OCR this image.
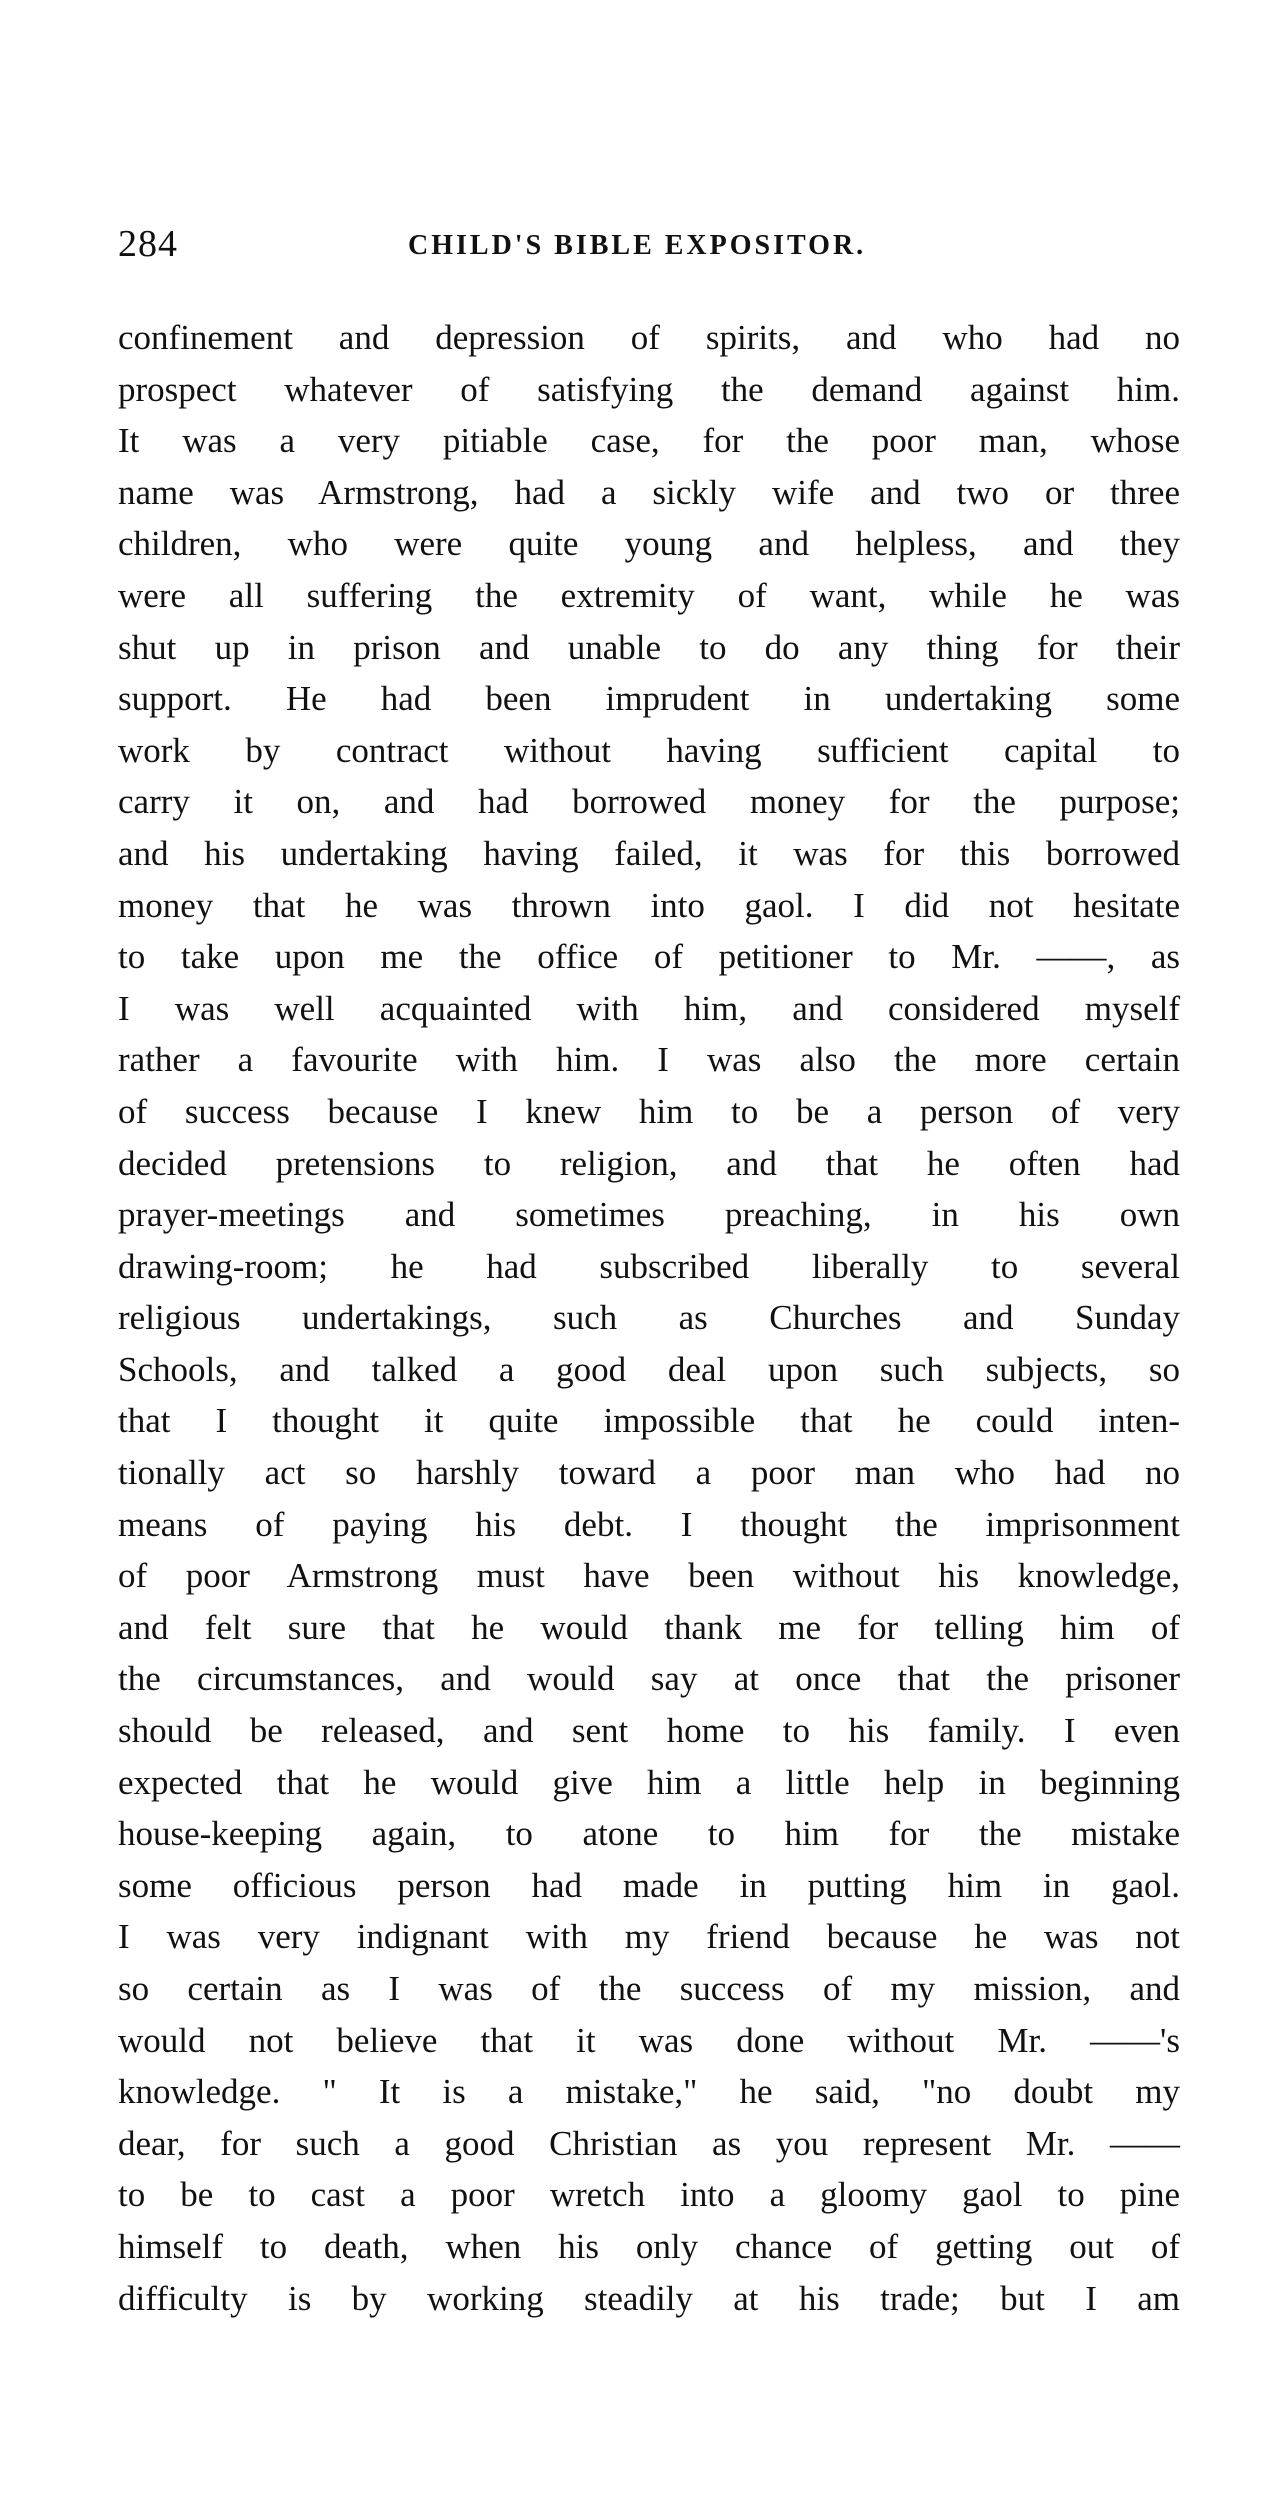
284	CHILD'S BIBLE EXPOSITOR.
confinement and depression of spirits, and who had no
prospect whatever of satisfying the demand against him.
It was a very pitiable case, for the poor man, whose
name was Armstrong, had a sickly wife and two or three
children, who were quite young and helpless, and they
were all suffering the extremity of want, while he was
shut up in prison and unable to do any thing for their
support. He had been imprudent in undertaking some
work by contract without having sufficient capital to
carry it on, and had borrowed money for the purpose;
and his undertaking having failed, it was for this borrowed
money that he was thrown into gaol. I did not hesitate
to take upon me the office of petitioner to Mr. ——, as
I was well acquainted with him, and considered myself
rather a favourite with him. I was also the more certain
of success because I knew him to be a person of very
decided pretensions to religion, and that he often had
prayer-meetings and sometimes preaching, in his own
drawing-room; he had subscribed liberally to several
religious undertakings, such as Churches and Sunday
Schools, and talked a good deal upon such subjects, so
that I thought it quite impossible that he could inten-
tionally act so harshly toward a poor man who had no
means of paying his debt. I thought the imprisonment
of poor Armstrong must have been without his knowledge,
and felt sure that he would thank me for telling him of
the circumstances, and would say at once that the prisoner
should be released, and sent home to his family. I even
expected that he would give him a little help in beginning
house-keeping again, to atone to him for the mistake
some officious person had made in putting him in gaol.
I was very indignant with my friend because he was not
so certain as I was of the success of my mission, and
would not believe that it was done without Mr. ——'s
knowledge. " It is a mistake," he said, "no doubt my
dear, for such a good Christian as you represent Mr. ——
to be to cast a poor wretch into a gloomy gaol to pine
himself to death, when his only chance of getting out of
difficulty is by working steadily at his trade; but I am
